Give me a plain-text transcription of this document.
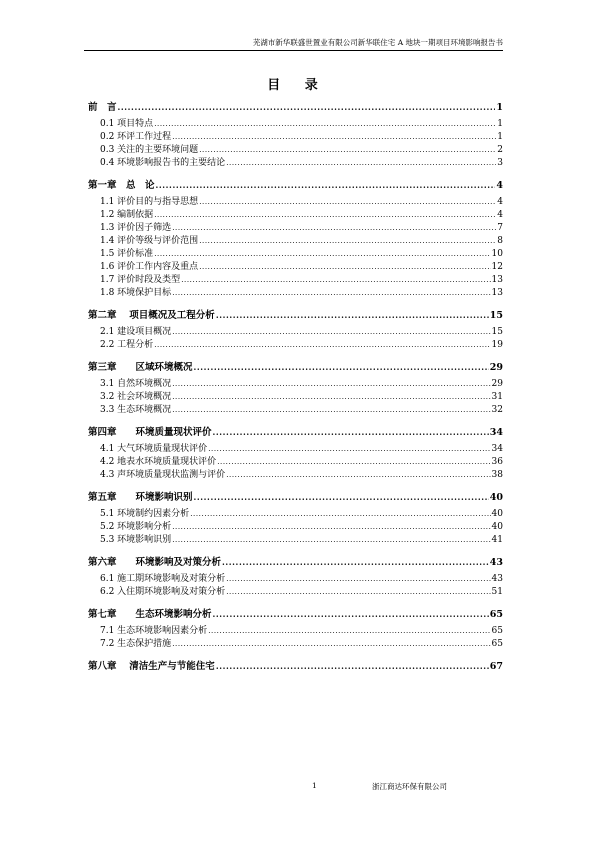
芜湖市新华联盛世置业有限公司新华联住宅 A 地块一期项目环境影响报告书
目 录
前　言 .....	1
0.1 项目特点 .....	1
0.2 环评工作过程 .....	1
0.3 关注的主要环境问题 .....	2
0.4 环境影响报告书的主要结论 .....	3
第一章　总　论 .....	4
1.1 评价目的与指导思想 .....	4
1.2 编制依据 .....	4
1.3 评价因子筛选 .....	7
1.4 评价等级与评价范围 .....	8
1.5 评价标准 .....	10
1.6 评价工作内容及重点 .....	12
1.7 评价时段及类型 .....	13
1.8 环境保护目标 .....	13
第二章　 项目概况及工程分析 .....	15
2.1 建设项目概况 .....	15
2.2 工程分析 .....	19
第三章　　区域环境概况 .....	29
3.1 自然环境概况 .....	29
3.2 社会环境概况 .....	31
3.3 生态环境概况 .....	32
第四章　　环境质量现状评价 .....	34
4.1 大气环境质量现状评价 .....	34
4.2 地表水环境质量现状评价 .....	36
4.3 声环境质量现状监测与评价 .....	38
第五章　　环境影响识别 .....	40
5.1 环境制约因素分析 .....	40
5.2 环境影响分析 .....	40
5.3 环境影响识别 .....	41
第六章　　环境影响及对策分析 .....	43
6.1 施工期环境影响及对策分析 .....	43
6.2 入住期环境影响及对策分析 .....	51
第七章　　生态环境影响分析 .....	65
7.1 生态环境影响因素分析 .....	65
7.2 生态保护措施 .....	65
第八章　 清洁生产与节能住宅 .....	67
1	浙江商达环保有限公司
